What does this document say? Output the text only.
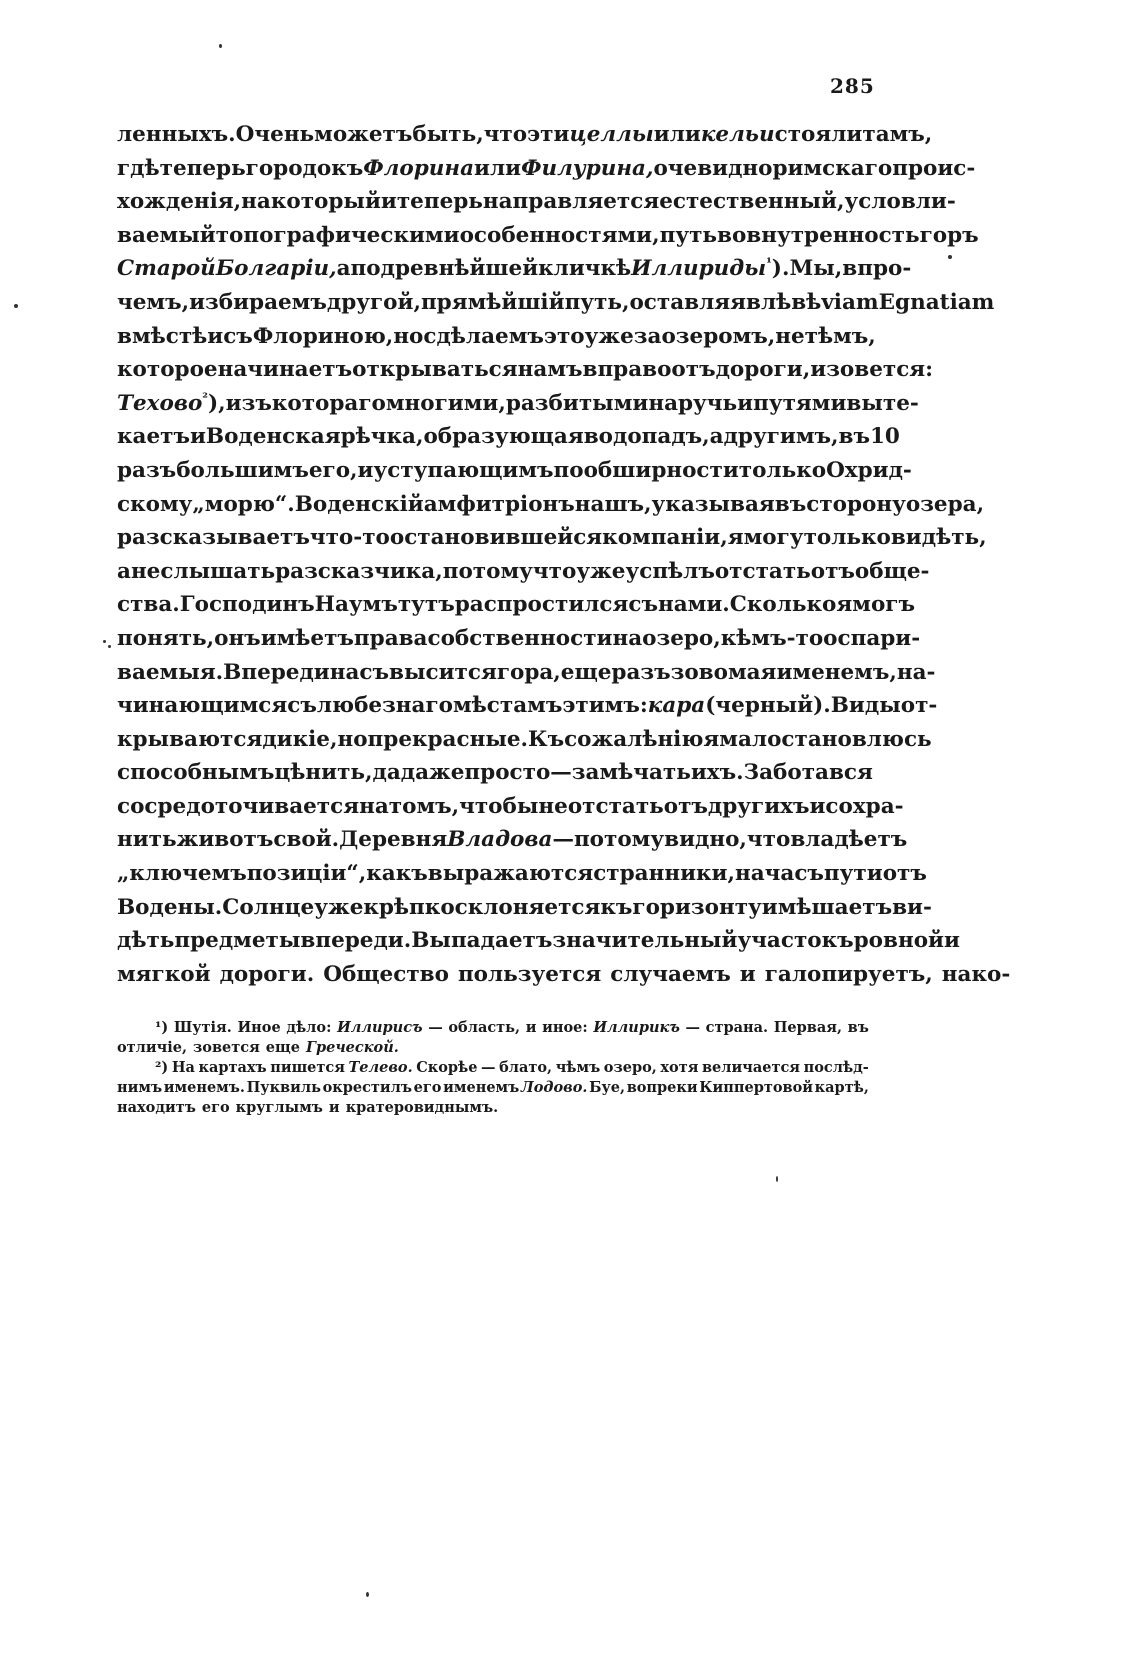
285
ленныхъ. Очень можетъ быть, что эти целлы или кельи стояли тамъ,
гдѣ теперь городокъ Флорина или Филурина, очевидно римскаго проис-
хожденія, на который и теперь направляется естественный, условли-
ваемый топографическими особенностями, путь во внутренность горъ
Старой Болгаріи, а по древнѣйшей кличкѣ Иллириды $^{^1}$). Мы, впро-
чемъ, избираемъ другой, прямѣйшій путь, оставляя влѣвѣ viam Egnatiam
вмѣстѣ и съ Флориною, но сдѣлаемъ это уже за озеромъ, не тѣмъ,
которое начинаетъ открываться намъ вправо отъ дороги, и зовется:
Техово $^{^2}$), изъ котораго многими, разбитыми на ручьи путями выте-
каетъ и Воденская рѣчка, образующая водопадъ, а другимъ, въ 10
разъ большимъ его, и уступающимъ по обширности только Охрид-
скому „морю“. Воденскій амфитріонъ нашъ, указывая въ сторону озера,
разсказываетъ что-то остановившейся компаніи, я могу только видѣть,
а не слышать разсказчика, потому что уже успѣлъ отстать отъ обще-
ства. Господинъ Наумъ тутъ распростился съ нами. Сколько я могъ
понять, онъ имѣетъ права собственности на озеро, кѣмъ-то оспари-
ваемыя. Впереди насъ высится гора, еще разъ зовомая именемъ, на-
чинающимся съ любезнаго мѣстамъ этимъ: кара (черный). Виды от-
крываются дикіе, но прекрасные. Къ сожалѣнію я мало становлюсь
способнымъ цѣнить, да даже просто — замѣчать ихъ. Забота вся
сосредоточивается на томъ, чтобы не отстать отъ другихъ и сохра-
нить животъ свой. Деревня Владова — потому видно, что владѣетъ
„ключемъ позиціи“, какъ выражаются странники, на часъ пути отъ
Водены. Солнце уже крѣпко склоняется къ горизонту и мѣшаетъ ви-
дѣть предметы впереди. Выпадаетъ значительный участокъ ровной и
мягкой дороги. Общество пользуется случаемъ и галопируетъ, нако-
¹) Шутія. Иное дѣло: Иллирисъ — область, и иное: Иллирикъ — страна. Первая, въ
отличіе, зовется еще Греческой.
²) На картахъ пишется Телево. Скорѣе — блато, чѣмъ озеро, хотя величается послѣд-
нимъ именемъ. Пуквиль окрестилъ его именемъ Лодово. Буе, вопреки Киппертовой картѣ,
находитъ его круглымъ и кратеровиднымъ.
